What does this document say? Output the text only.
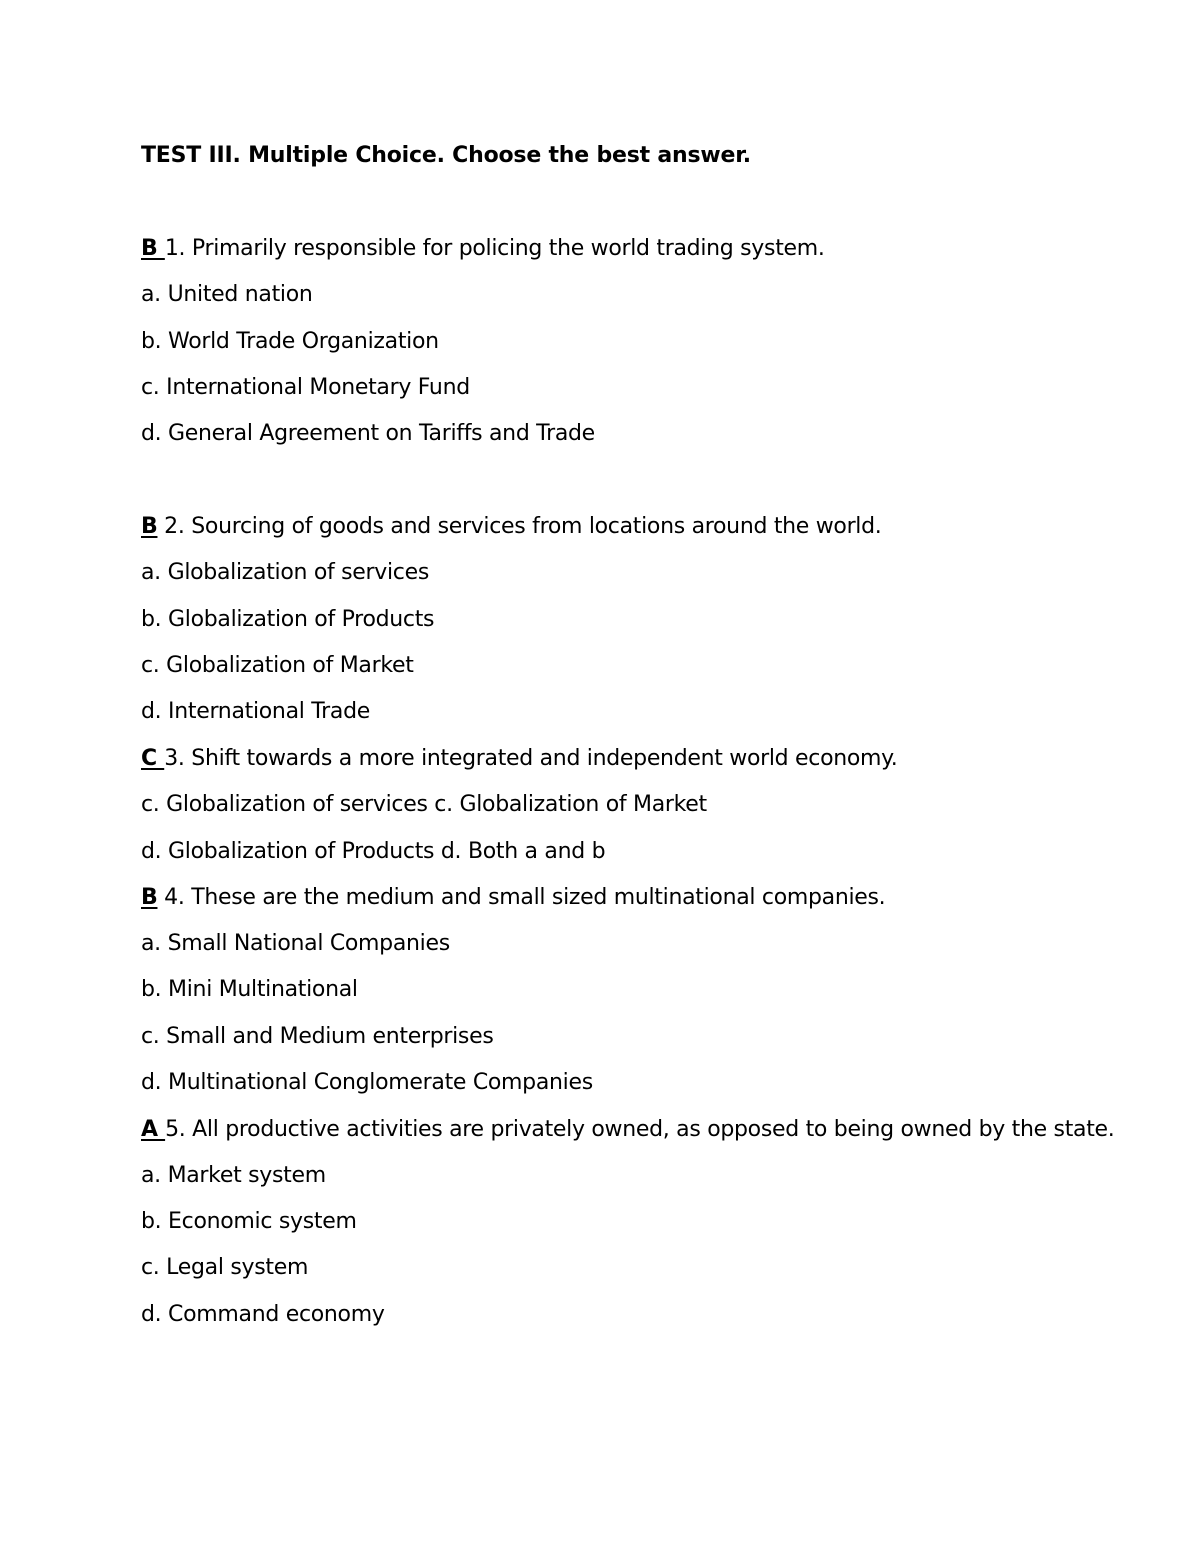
TEST III. Multiple Choice. Choose the best answer.
B 1. Primarily responsible for policing the world trading system.
a. United nation
b. World Trade Organization
c. International Monetary Fund
d. General Agreement on Tariffs and Trade
B 2. Sourcing of goods and services from locations around the world.
a. Globalization of services
b. Globalization of Products
c. Globalization of Market
d. International Trade
C 3. Shift towards a more integrated and independent world economy.
c. Globalization of services c. Globalization of Market
d. Globalization of Products d. Both a and b
B 4. These are the medium and small sized multinational companies.
a. Small National Companies
b. Mini Multinational
c. Small and Medium enterprises
d. Multinational Conglomerate Companies
A 5. All productive activities are privately owned, as opposed to being owned by the state.
a. Market system
b. Economic system
c. Legal system
d. Command economy
